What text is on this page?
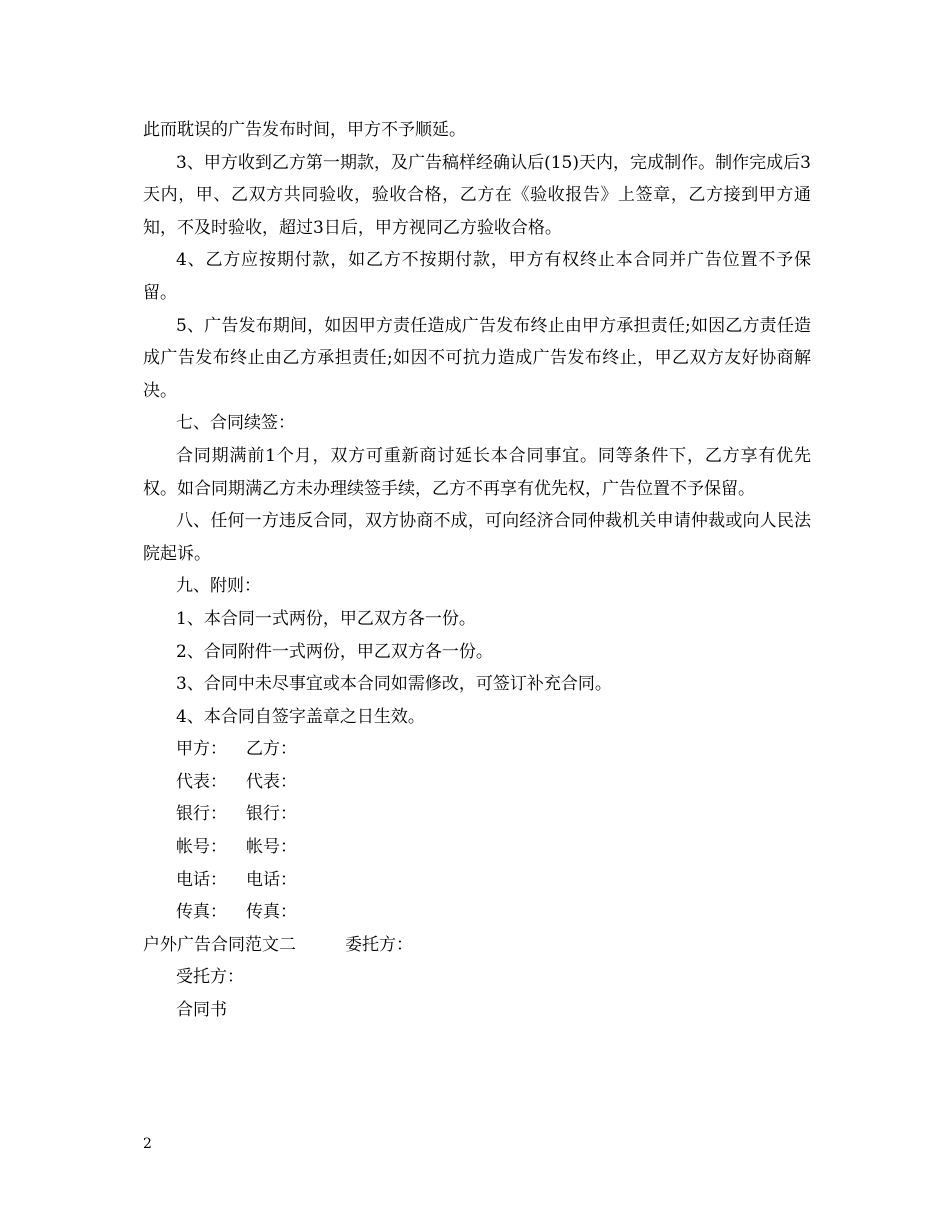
此而耽误的广告发布时间，甲方不予顺延。

3、甲方收到乙方第一期款，及广告稿样经确认后(15)天内，完成制作。制作完成后3天内，甲、乙双方共同验收，验收合格，乙方在《验收报告》上签章，乙方接到甲方通知，不及时验收，超过3日后，甲方视同乙方验收合格。

4、乙方应按期付款，如乙方不按期付款，甲方有权终止本合同并广告位置不予保留。

5、广告发布期间，如因甲方责任造成广告发布终止由甲方承担责任;如因乙方责任造成广告发布终止由乙方承担责任;如因不可抗力造成广告发布终止，甲乙双方友好协商解决。

七、合同续签：

合同期满前1个月，双方可重新商讨延长本合同事宜。同等条件下，乙方享有优先权。如合同期满乙方未办理续签手续，乙方不再享有优先权，广告位置不予保留。

八、任何一方违反合同，双方协商不成，可向经济合同仲裁机关申请仲裁或向人民法院起诉。

九、附则：

1、本合同一式两份，甲乙双方各一份。

2、合同附件一式两份，甲乙双方各一份。

3、合同中未尽事宜或本合同如需修改，可签订补充合同。

4、本合同自签字盖章之日生效。

甲方： 乙方：
代表： 代表：
银行： 银行：
帐号： 帐号：
电话： 电话：
传真： 传真：
户外广告合同范文二	委托方：

受托方：

合同书

2
